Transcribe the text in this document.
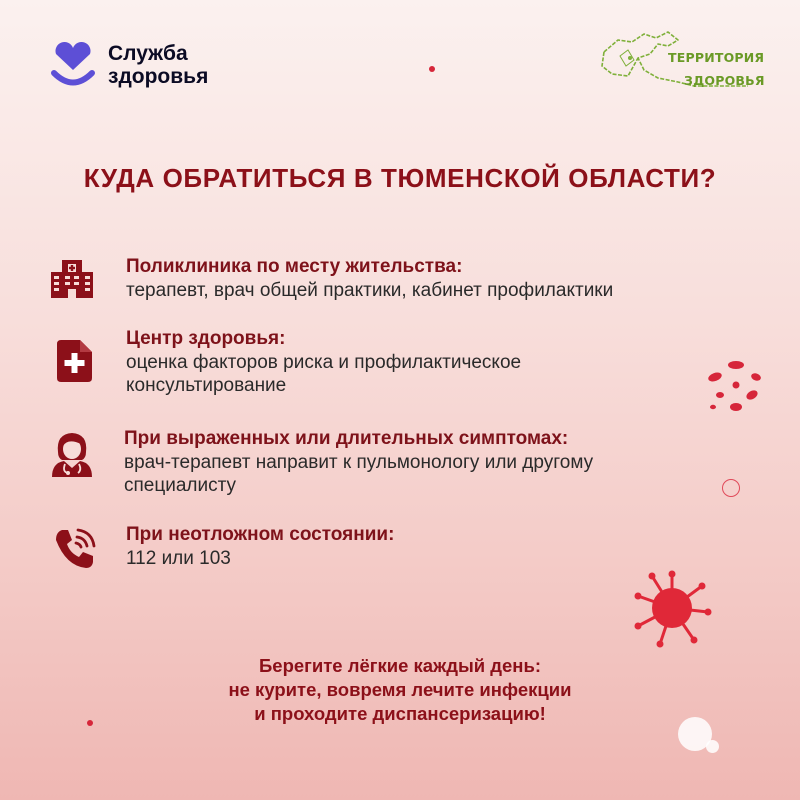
Служба
здоровья
ТЕРРИТОРИЯ
ЗДОРОВЬЯ
КУДА ОБРАТИТЬСЯ В ТЮМЕНСКОЙ ОБЛАСТИ?
Поликлиника по месту жительства:
терапевт, врач общей практики, кабинет профилактики
Центр здоровья:
оценка факторов риска и профилактическое консультирование
При выраженных или длительных симптомах:
врач-терапевт направит к пульмонологу или другому специалисту
При неотложном состоянии:
112 или 103
Берегите лёгкие каждый день:
не курите, вовремя лечите инфекции
и проходите диспансеризацию!
